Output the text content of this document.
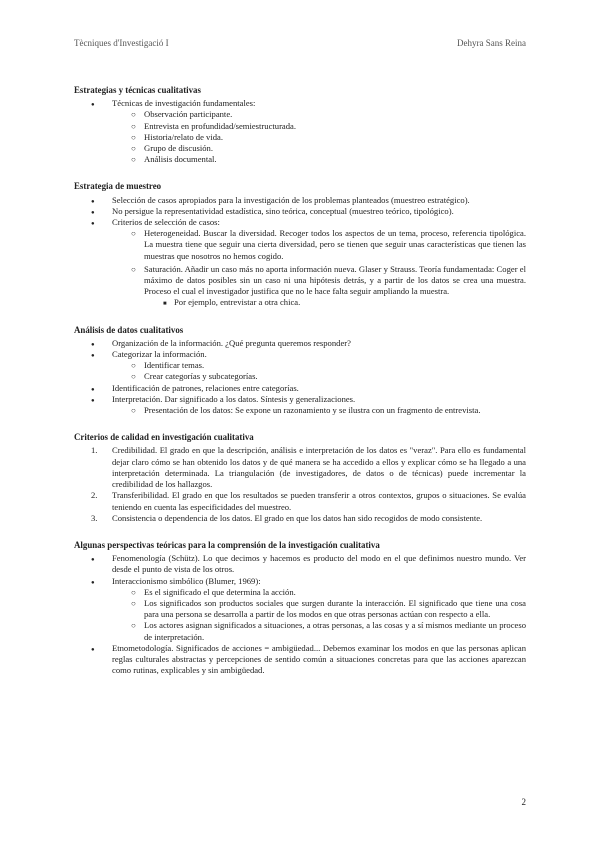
Tècniques d'Investigació I	Dehyra Sans Reina
Estrategias y técnicas cualitativas
●
Técnicas de investigación fundamentales:
○
Observación participante.
○
Entrevista en profundidad/semiestructurada.
○
Historia/relato de vida.
○
Grupo de discusión.
○
Análisis documental.
Estrategia de muestreo
●
Selección de casos apropiados para la investigación de los problemas planteados (muestreo estratégico).
●
No persigue la representatividad estadística, sino teórica, conceptual (muestreo teórico, tipológico).
●
Criterios de selección de casos:
○
Heterogeneidad. Buscar la diversidad. Recoger todos los aspectos de un tema, proceso, referencia tipológica. La muestra tiene que seguir una cierta diversidad, pero se tienen que seguir unas características que tienen las muestras que nosotros no hemos cogido.
○
Saturación. Añadir un caso más no aporta información nueva. Glaser y Strauss. Teoría fundamentada: Coger el máximo de datos posibles sin un caso ni una hipótesis detrás, y a partir de los datos se crea una muestra. Proceso el cual el investigador justifica que no le hace falta seguir ampliando la muestra.
■
Por ejemplo, entrevistar a otra chica.
Análisis de datos cualitativos
●
Organización de la información. ¿Qué pregunta queremos responder?
●
Categorizar la información.
○
Identificar temas.
○
Crear categorías y subcategorías.
●
Identificación de patrones, relaciones entre categorías.
●
Interpretación. Dar significado a los datos. Síntesis y generalizaciones.
○
Presentación de los datos: Se expone un razonamiento y se ilustra con un fragmento de entrevista.
Criterios de calidad en investigación cualitativa
1. Credibilidad. El grado en que la descripción, análisis e interpretación de los datos es "veraz". Para ello es fundamental dejar claro cómo se han obtenido los datos y de qué manera se ha accedido a ellos y explicar cómo se ha llegado a una interpretación determinada. La triangulación (de investigadores, de datos o de técnicas) puede incrementar la credibilidad de los hallazgos.
2. Transferibilidad. El grado en que los resultados se pueden transferir a otros contextos, grupos o situaciones. Se evalúa teniendo en cuenta las especificidades del muestreo.
3. Consistencia o dependencia de los datos. El grado en que los datos han sido recogidos de modo consistente.
Algunas perspectivas teóricas para la comprensión de la investigación cualitativa
●
Fenomenología (Schütz). Lo que decimos y hacemos es producto del modo en el que definimos nuestro mundo. Ver desde el punto de vista de los otros.
●
Interaccionismo simbólico (Blumer, 1969):
○
Es el significado el que determina la acción.
○
Los significados son productos sociales que surgen durante la interacción. El significado que tiene una cosa para una persona se desarrolla a partir de los modos en que otras personas actúan con respecto a ella.
○
Los actores asignan significados a situaciones, a otras personas, a las cosas y a sí mismos mediante un proceso de interpretación.
●
Etnometodología. Significados de acciones = ambigüedad... Debemos examinar los modos en que las personas aplican reglas culturales abstractas y percepciones de sentido común a situaciones concretas para que las acciones aparezcan como rutinas, explicables y sin ambigüedad.
2
